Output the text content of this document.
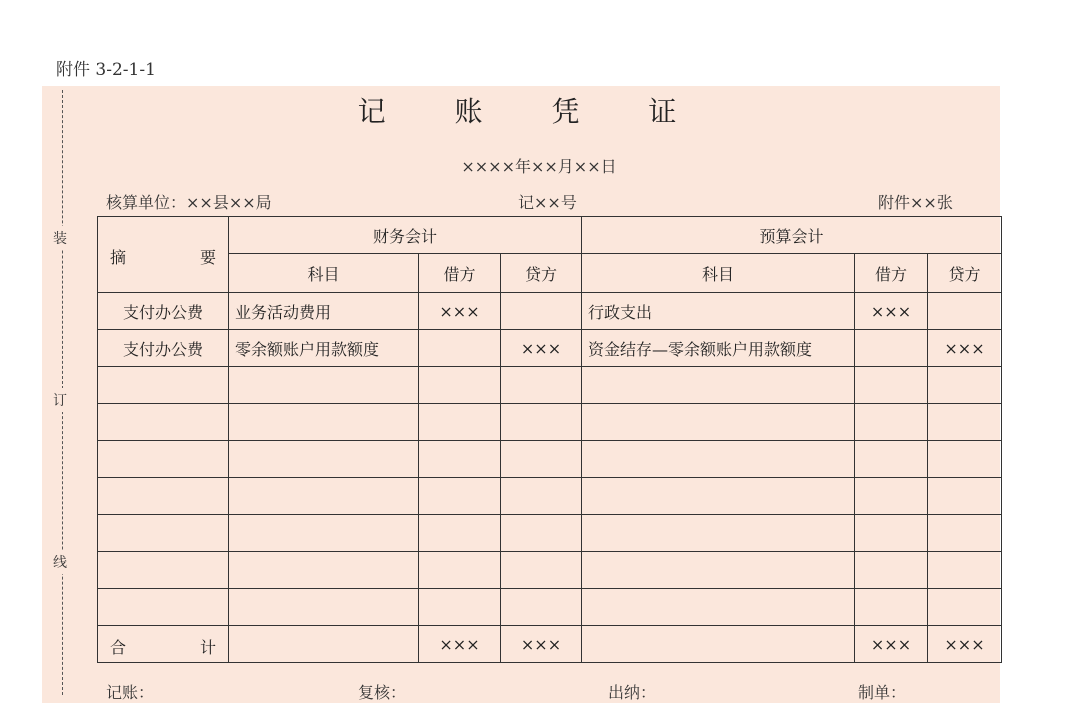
附件 3-2-1-1
装
订
线
记 账 凭 证
××××年××月××日
核算单位：××县××局	记××号	附件××张
摘 要	财务会计			预算会计		
	科目	借方	贷方	科目	借方	贷方
支付办公费	业务活动费用	×××		行政支出	×××	
支付办公费	零余额账户用款额度		×××	资金结存—零余额账户用款额度		×××

合 计		×××	×××		×××	×××
记账：	复核：	出纳：	制单：
